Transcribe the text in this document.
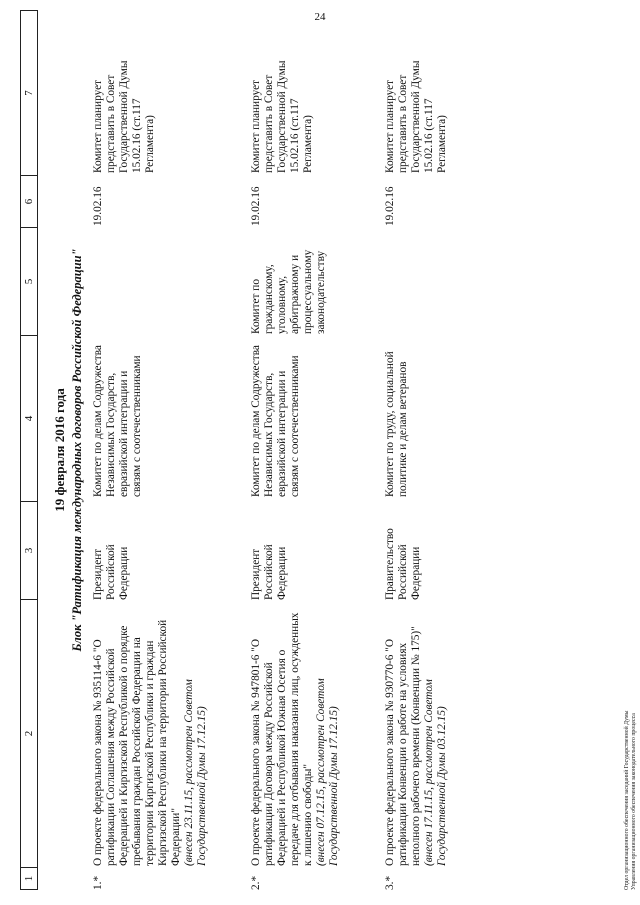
24
1
2
3
4
5
6
7
19 февраля 2016 года Блок "Ратификация международных договоров Российской Федерации"
1.*
О проекте федерального закона № 935114-6 "О ратификации Соглашения между Российской Федерацией и Киргизской Республикой о порядке пребывания граждан Российской Федерации на территории Киргизской Республики и граждан Киргизской Республики на территории Российской Федерации"
(внесен 23.11.15, рассмотрен Советом Государственной Думы 17.12.15)
Президент Российской Федерации
Комитет по делам Содружества Независимых Государств, евразийской интеграции и связям с соотечественниками
19.02.16
Комитет планирует представить в Совет Государственной Думы 15.02.16 (ст.117 Регламента)
2.*
О проекте федерального закона № 947801-6 "О ратификации Договора между Российской Федерацией и Республикой Южная Осетия о передаче для отбывания наказания лиц, осужденных к лишению свободы"
(внесен 07.12.15, рассмотрен Советом Государственной Думы 17.12.15)
Президент Российской Федерации
Комитет по делам Содружества Независимых Государств, евразийской интеграции и связям с соотечественниками
Комитет по гражданскому, уголовному, арбитражному и процессуальному законодательству
19.02.16
Комитет планирует представить в Совет Государственной Думы 15.02.16 (ст.117 Регламента)
3.*
О проекте федерального закона № 930770-6 "О ратификации Конвенции о работе на условиях неполного рабочего времени (Конвенции № 175)"
(внесен 17.11.15, рассмотрен Советом Государственной Думы 03.12.15)
Правительство Российской Федерации
Комитет по труду, социальной политике и делам ветеранов
19.02.16
Комитет планирует представить в Совет Государственной Думы 15.02.16 (ст.117 Регламента)
Отдел организационного обеспечения заседаний Государственной Думы Управления организационного обеспечения законодательного процесса
